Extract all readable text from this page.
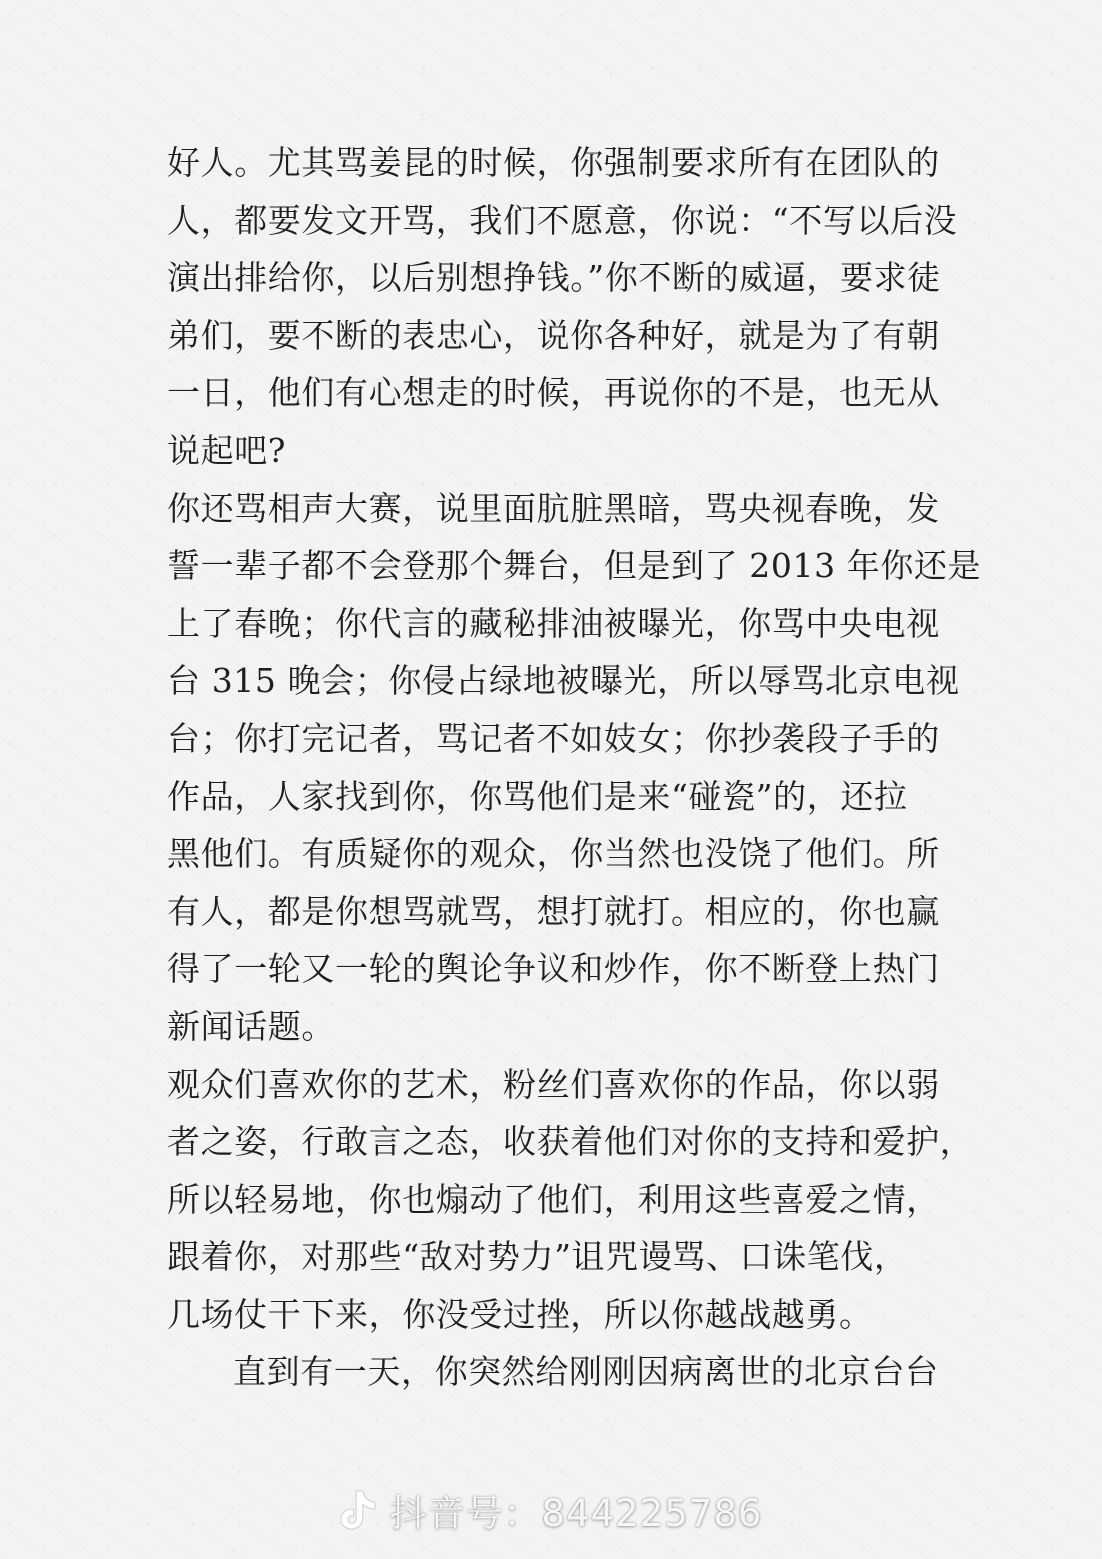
好人。尤其骂姜昆的时候，你强制要求所有在团队的

人，都要发文开骂，我们不愿意，你说：“不写以后没

演出排给你，以后别想挣钱。”你不断的威逼，要求徒

弟们，要不断的表忠心，说你各种好，就是为了有朝

一日，他们有心想走的时候，再说你的不是，也无从

说起吧?

你还骂相声大赛，说里面肮脏黑暗，骂央视春晚，发

誓一辈子都不会登那个舞台，但是到了 2013 年你还是

上了春晚；你代言的藏秘排油被曝光，你骂中央电视

台 315 晚会；你侵占绿地被曝光，所以辱骂北京电视

台；你打完记者，骂记者不如妓女；你抄袭段子手的

作品，人家找到你，你骂他们是来“碰瓷”的，还拉

黑他们。有质疑你的观众，你当然也没饶了他们。所

有人，都是你想骂就骂，想打就打。相应的，你也赢

得了一轮又一轮的舆论争议和炒作，你不断登上热门

新闻话题。

观众们喜欢你的艺术，粉丝们喜欢你的作品，你以弱

者之姿，行敢言之态，收获着他们对你的支持和爱护，

所以轻易地，你也煽动了他们，利用这些喜爱之情，

跟着你，对那些“敌对势力”诅咒谩骂、口诛笔伐，

几场仗干下来，你没受过挫，所以你越战越勇。

直到有一天，你突然给刚刚因病离世的北京台台

抖音号：844225786
